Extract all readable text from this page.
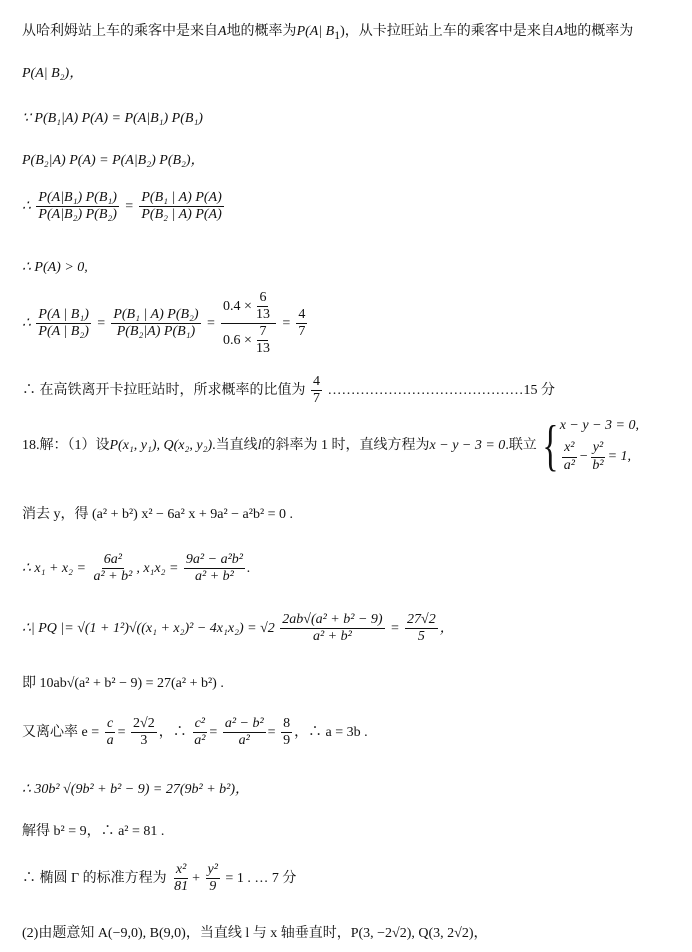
从哈利姆站上车的乘客中是来自A地的概率为P(A| $B_1$)，从卡拉旺站上车的乘客中是来自A地的概率为
P(A| B₂)，
∵ P(B₁|A) P(A) = P(A|B₁) P(B₁)
P(B₂|A) P(A) = P(A|B₂) P(B₂)，
∴ $\frac{\text{P(A|B₁) P(B₁)}}{\text{P(A|B₂) P(B₂)}} = \frac{\text{P(B₁ | A) P(A)}}{\text{P(B₂ | A) P(A)}}$
∴ P(A) > 0,
∴ $\frac{\text{P(A | B₁)}}{\text{P(A | B₂)}} = \frac{\text{P(B₁ | A) P(B₂)}}{\text{P(B₂|A) P(B₁)}} = \frac{0.4 \times \frac{6}{13}}{0.6 \times \frac{7}{13}} = \frac{4}{7}$
∴ 在高铁离开卡拉旺站时，所求概率的比值为 $\frac{4}{7}$ ……………………………………15 分
18.解：（1）设P(x₁, y₁), Q(x₂, y₂).当直线l的斜率为 1 时，直线方程为x − y − 3 = 0.联立{ x − y − 3 = 0,
$\frac{\text{x²}}{\text{a²}} - \frac{\text{y²}}{\text{b²}} = 1$,
消去 y，得 (a² + b²) x² − 6a² x + 9a² − a²b² = 0 .
∴ $x_1 + x_2 = \frac{\text{6a²}}{\text{a² + b²}}$ , $x_1x_2 = \frac{\text{9a² − a²b²}}{\text{a² + b²}}$ .
∴| PQ |= $√(1 + 1^2)√((x_1 + x_2)^2 - 4x_1x_2) = √2 \frac{\text{2ab√(a² + b² − 9)}}{\text{a² + b²}} = \frac{27√2}{5}$ ，
即 10ab√(a² + b² − 9) = 27(a² + b²) .
又离心率 $e = \frac{c}{a} = \frac{2√2}{3}$ ，∴ $\frac{\text{c²}}{\text{a²}} = \frac{\text{a² − b²}}{\text{a²}} = \frac{8}{9}$ ，∴ a = 3b .
∴ 30b² √(9b² + b² − 9) = 27(9b² + b²)，
解得 b² = 9，∴ a² = 81 .
∴ 椭圆 Γ 的标准方程为 $\frac{\text{x²}}{81} + \frac{\text{y²}}{9} = 1$ . … 7 分
(2)由题意知 A(−9,0), B(9,0)，当直线 l 与 x 轴垂直时，P(3, −2√2), Q(3, 2√2)，
